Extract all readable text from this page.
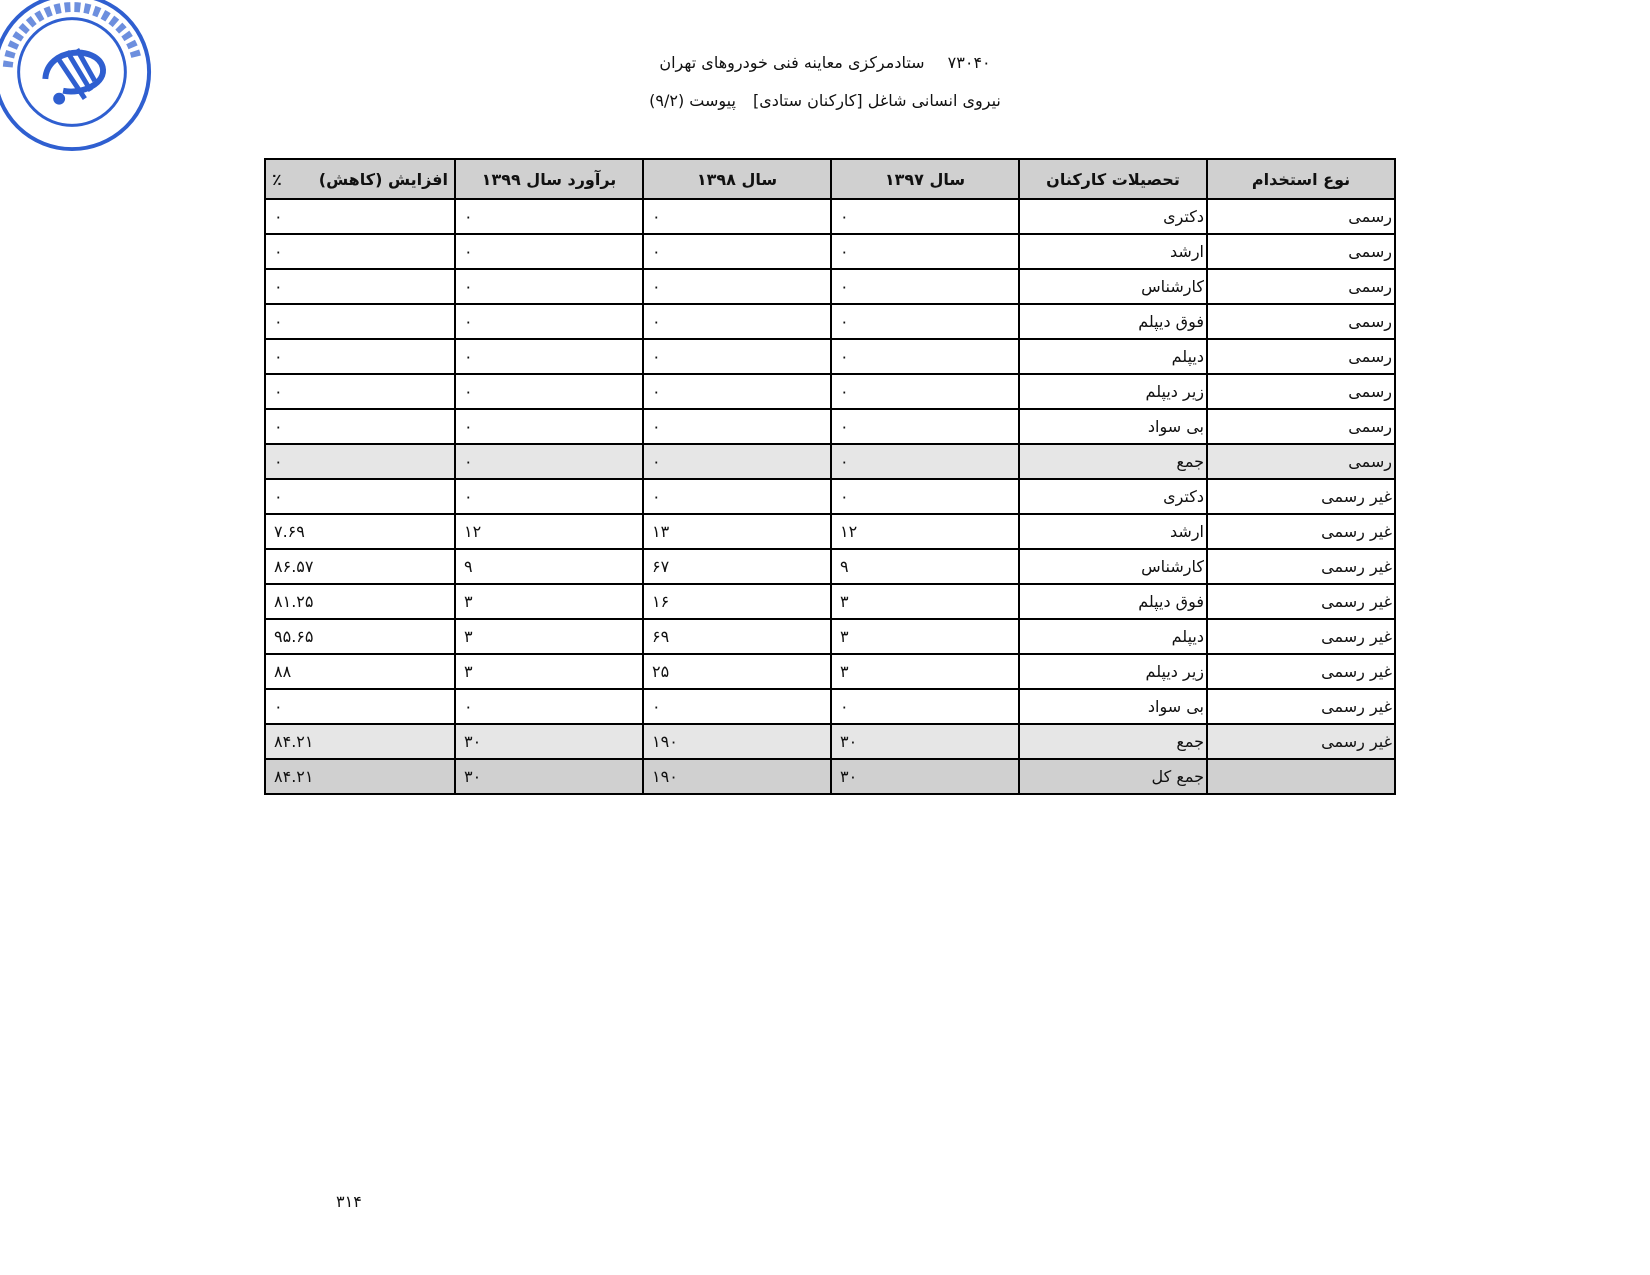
۷۳۰۴۰ ستادمرکزی معاینه فنی خودروهای تهران
نیروی انسانی شاغل [کارکنان ستادی] پیوست (۹/۲)
نوع استخدام	تحصیلات کارکنان	سال ۱۳۹۷	سال ۱۳۹۸	برآورد سال ۱۳۹۹	افزایش (کاهش)
٪

رسمی	دکتری	۰	۰	۰	۰
رسمی	ارشد	۰	۰	۰	۰
رسمی	کارشناس	۰	۰	۰	۰
رسمی	فوق دیپلم	۰	۰	۰	۰
رسمی	دیپلم	۰	۰	۰	۰
رسمی	زیر دیپلم	۰	۰	۰	۰
رسمی	بی سواد	۰	۰	۰	۰
رسمی	جمع	۰	۰	۰	۰
غیر رسمی	دکتری	۰	۰	۰	۰
غیر رسمی	ارشد	۱۲	۱۳	۱۲	۷.۶۹
غیر رسمی	کارشناس	۹	۶۷	۹	۸۶.۵۷
غیر رسمی	فوق دیپلم	۳	۱۶	۳	۸۱.۲۵
غیر رسمی	دیپلم	۳	۶۹	۳	۹۵.۶۵
غیر رسمی	زیر دیپلم	۳	۲۵	۳	۸۸
غیر رسمی	بی سواد	۰	۰	۰	۰
غیر رسمی	جمع	۳۰	۱۹۰	۳۰	۸۴.۲۱
	جمع کل	۳۰	۱۹۰	۳۰	۸۴.۲۱
۳۱۴
